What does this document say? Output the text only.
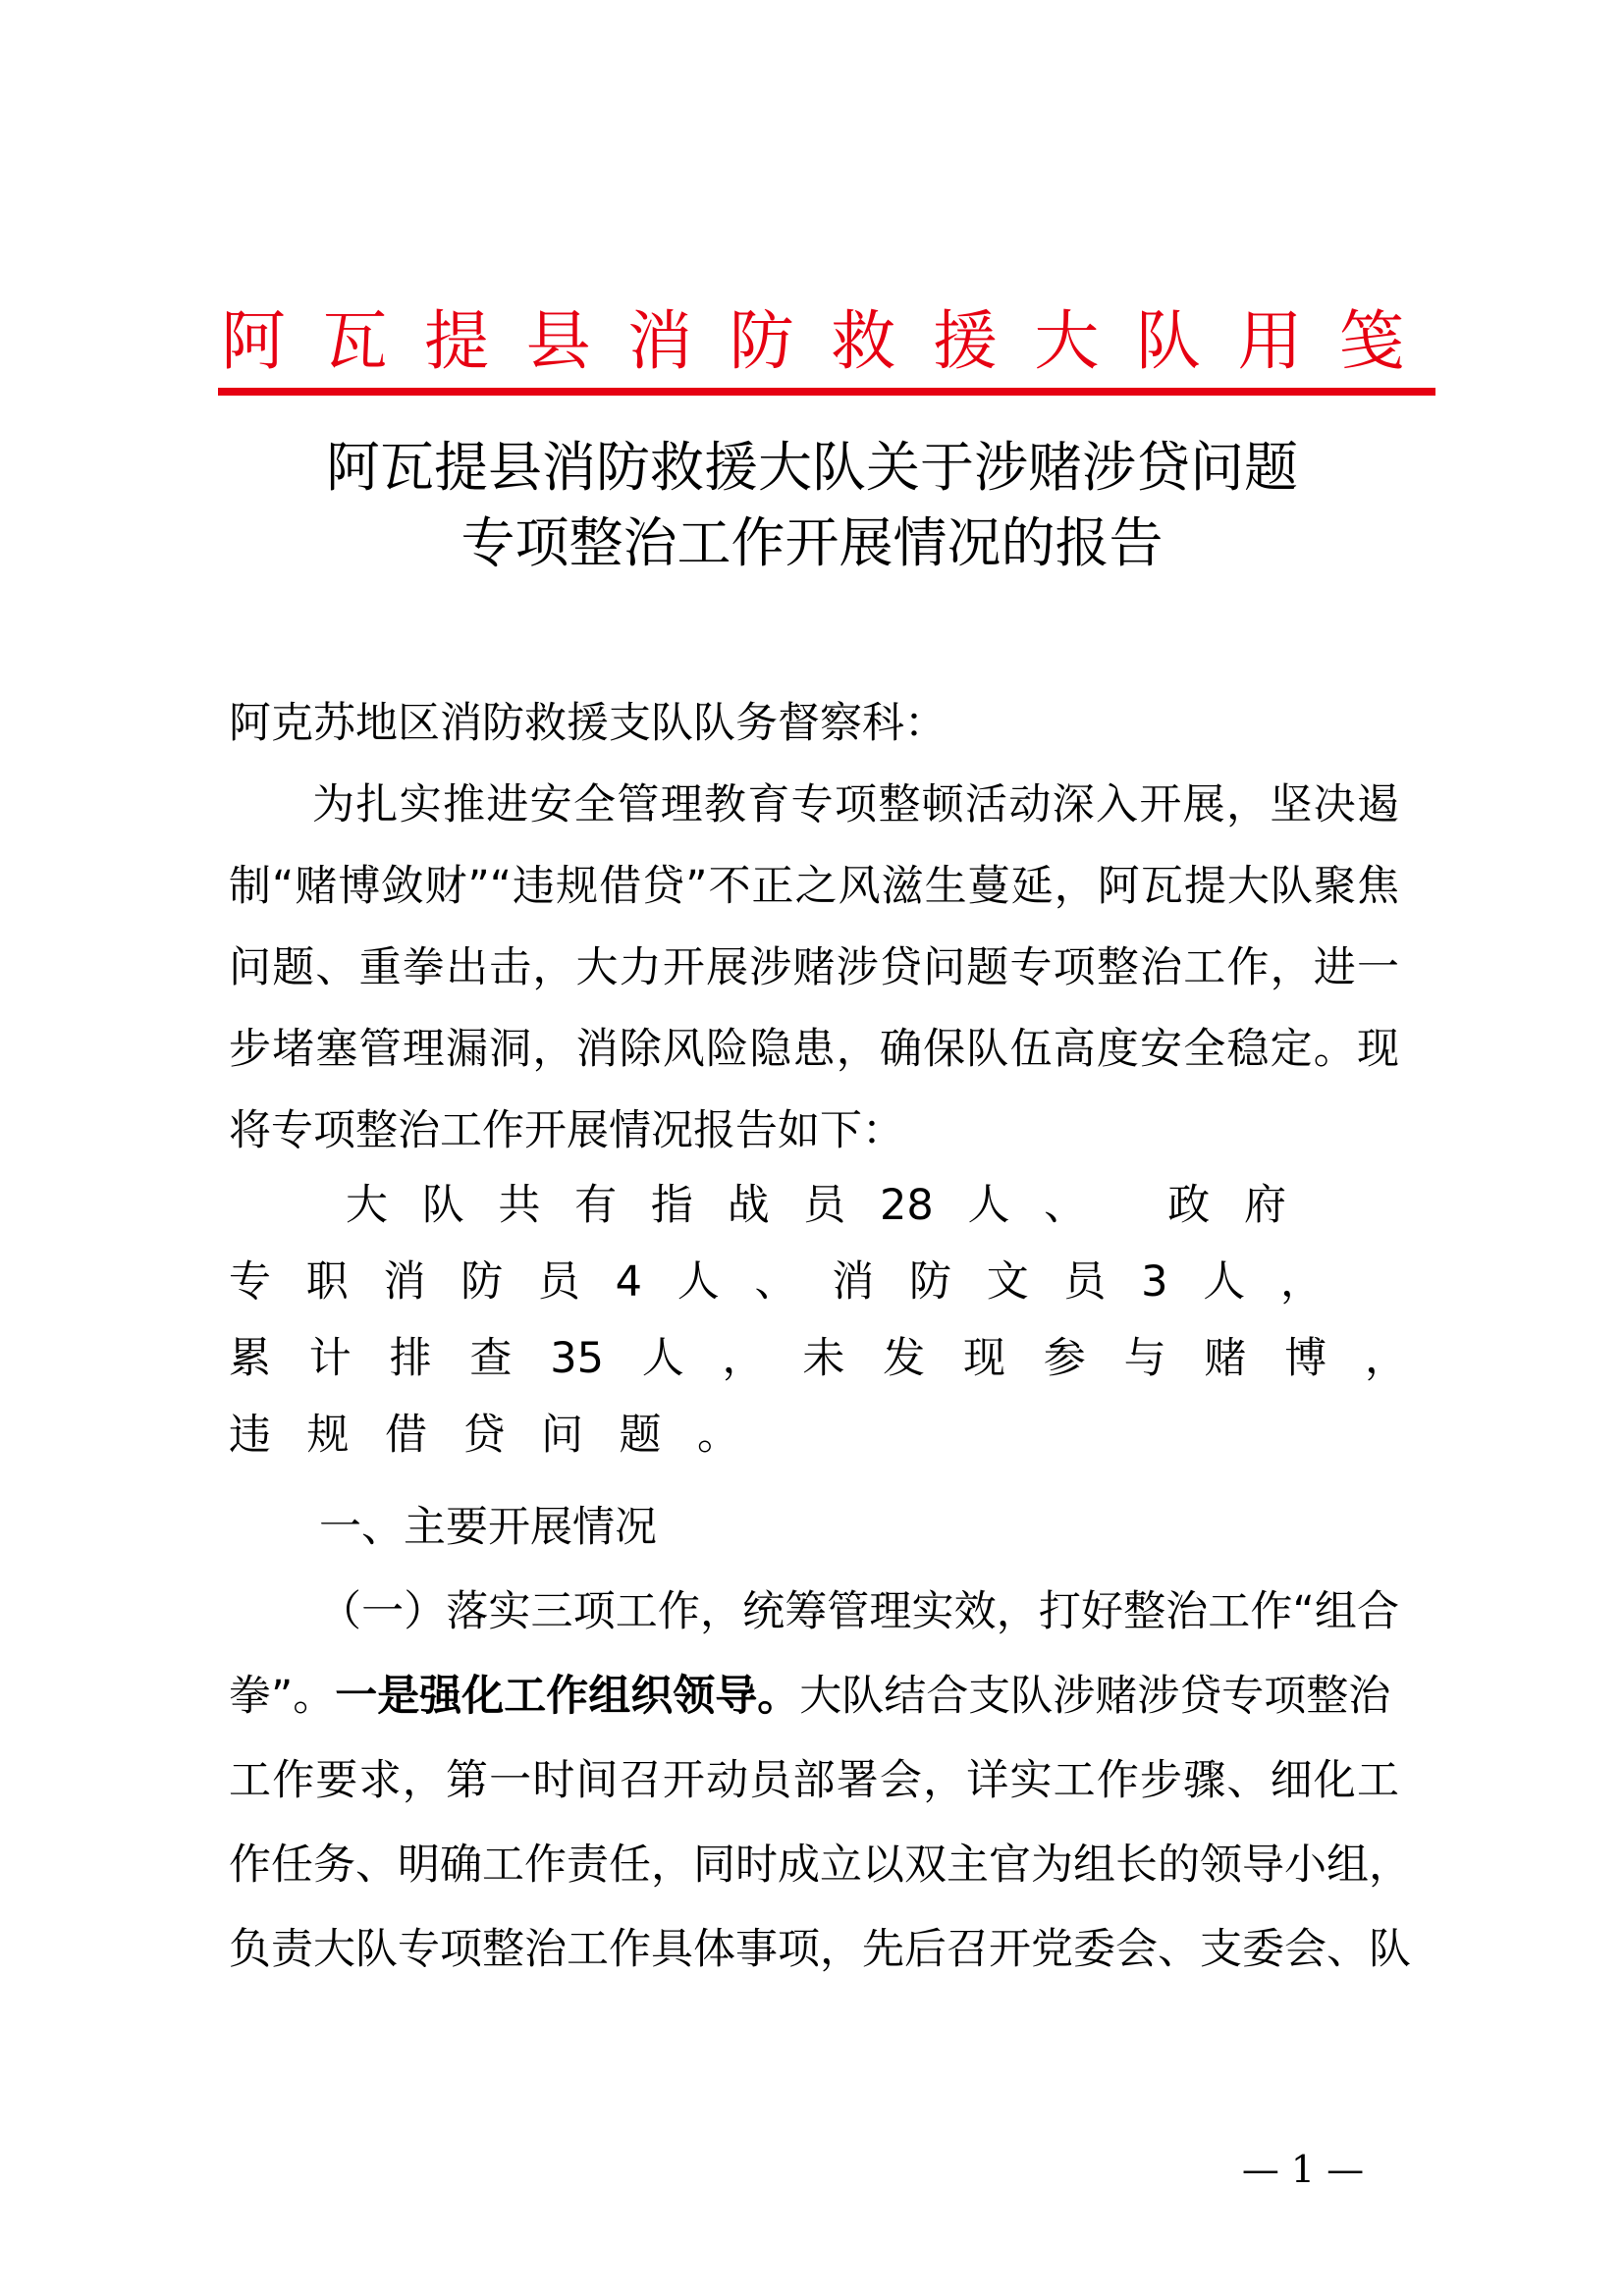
阿瓦提县消防救援大队用笺
阿瓦提县消防救援大队关于涉赌涉贷问题
专项整治工作开展情况的报告
阿克苏地区消防救援支队队务督察科：
为扎实推进安全管理教育专项整顿活动深入开展，坚决遏
制“赌博敛财”“违规借贷”不正之风滋生蔓延，阿瓦提大队聚焦
问题、重拳出击，大力开展涉赌涉贷问题专项整治工作，进一
步堵塞管理漏洞，消除风险隐患，确保队伍高度安全稳定。现
将专项整治工作开展情况报告如下：
大队共有指战员28人、 政府
专职消防员4人、消防文员3人，
累计排查35人，未发现参与赌博，
违规借贷问题。
一、主要开展情况
（一）落实三项工作，统筹管理实效，打好整治工作“组合
拳”。一是强化工作组织领导。大队结合支队涉赌涉贷专项整治
工作要求，第一时间召开动员部署会，详实工作步骤、细化工
作任务、明确工作责任，同时成立以双主官为组长的领导小组，
负责大队专项整治工作具体事项，先后召开党委会、支委会、队
— 1 —
